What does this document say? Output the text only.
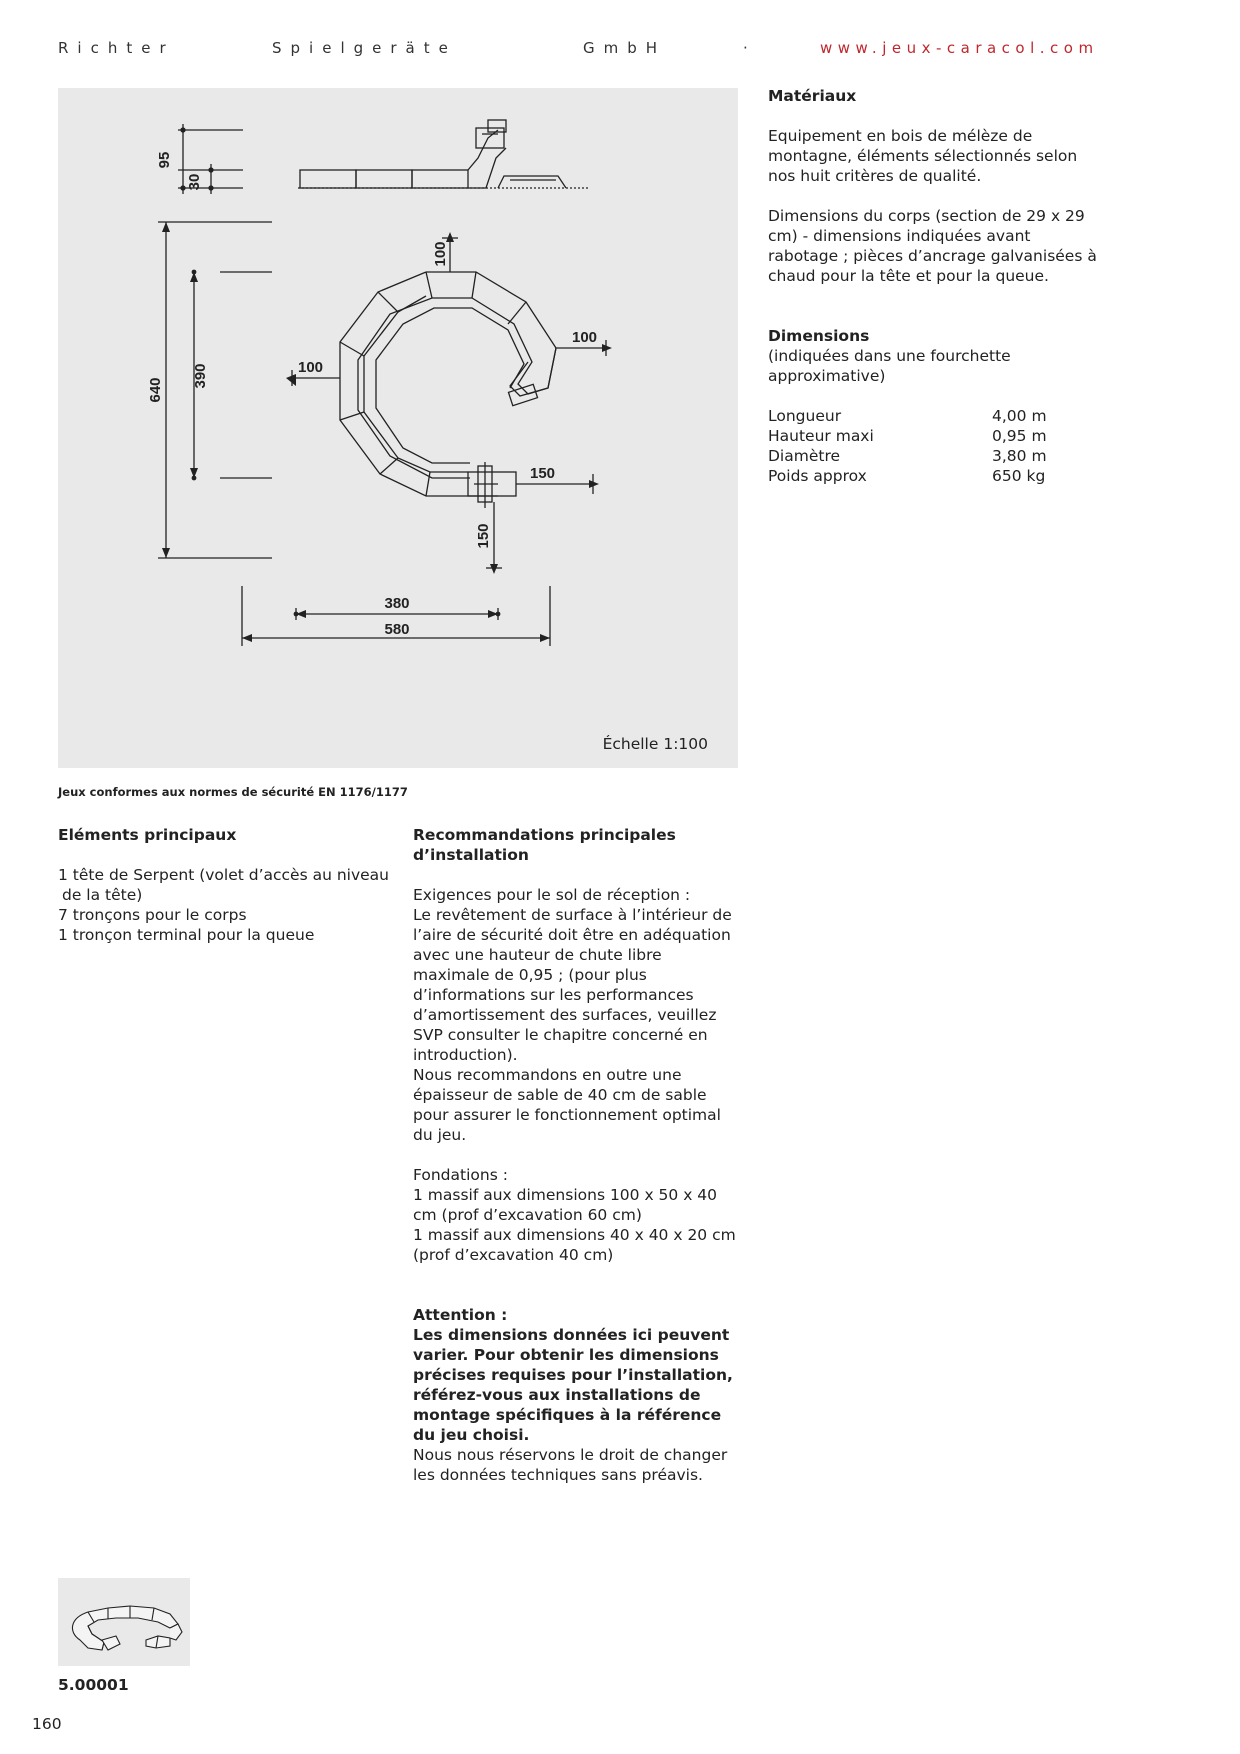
Richter	Spielgeräte	GmbH	·	www.jeux-caracol.com
95
30
640
390
100
100
100
150
150
380
580
Échelle 1:100
Jeux conformes aux normes de sécurité EN 1176/1177
Matériaux

Equipement en bois de mélèze de montagne, éléments sélectionnés selon nos huit critères de qualité.

Dimensions du corps (section de 29 x 29 cm) - dimensions indiquées avant rabotage ; pièces d’ancrage galvanisées à chaud pour la tête et pour la queue.

Dimensions

(indiquées dans une fourchette approximative)

Longueur	4,00 m
Hauteur maxi	0,95 m
Diamètre	3,80 m
Poids approx	650 kg
Eléments principaux

1 tête de Serpent (volet d’accès au niveau de la tête)

7 tronçons pour le corps

1 tronçon terminal pour la queue

Recommandations principales d’installation

Exigences pour le sol de réception :

Le revêtement de surface à l’intérieur de l’aire de sécurité doit être en adéquation avec une hauteur de chute libre maximale de 0,95 ; (pour plus d’informations sur les performances d’amortissement des surfaces, veuillez SVP consulter le chapitre concerné en introduction).

Nous recommandons en outre une épaisseur de sable de 40 cm de sable pour assurer le fonctionnement optimal du jeu.

Fondations :

1 massif aux dimensions 100 x 50 x 40 cm (prof d’excavation 60 cm)

1 massif aux dimensions 40 x 40 x 20 cm (prof d’excavation 40 cm)

Attention :

Les dimensions données ici peuvent varier. Pour obtenir les dimensions précises requises pour l’installation, référez-vous aux installations de montage spécifiques à la référence du jeu choisi.

Nous nous réservons le droit de changer les données techniques sans préavis.

5.00001
160
